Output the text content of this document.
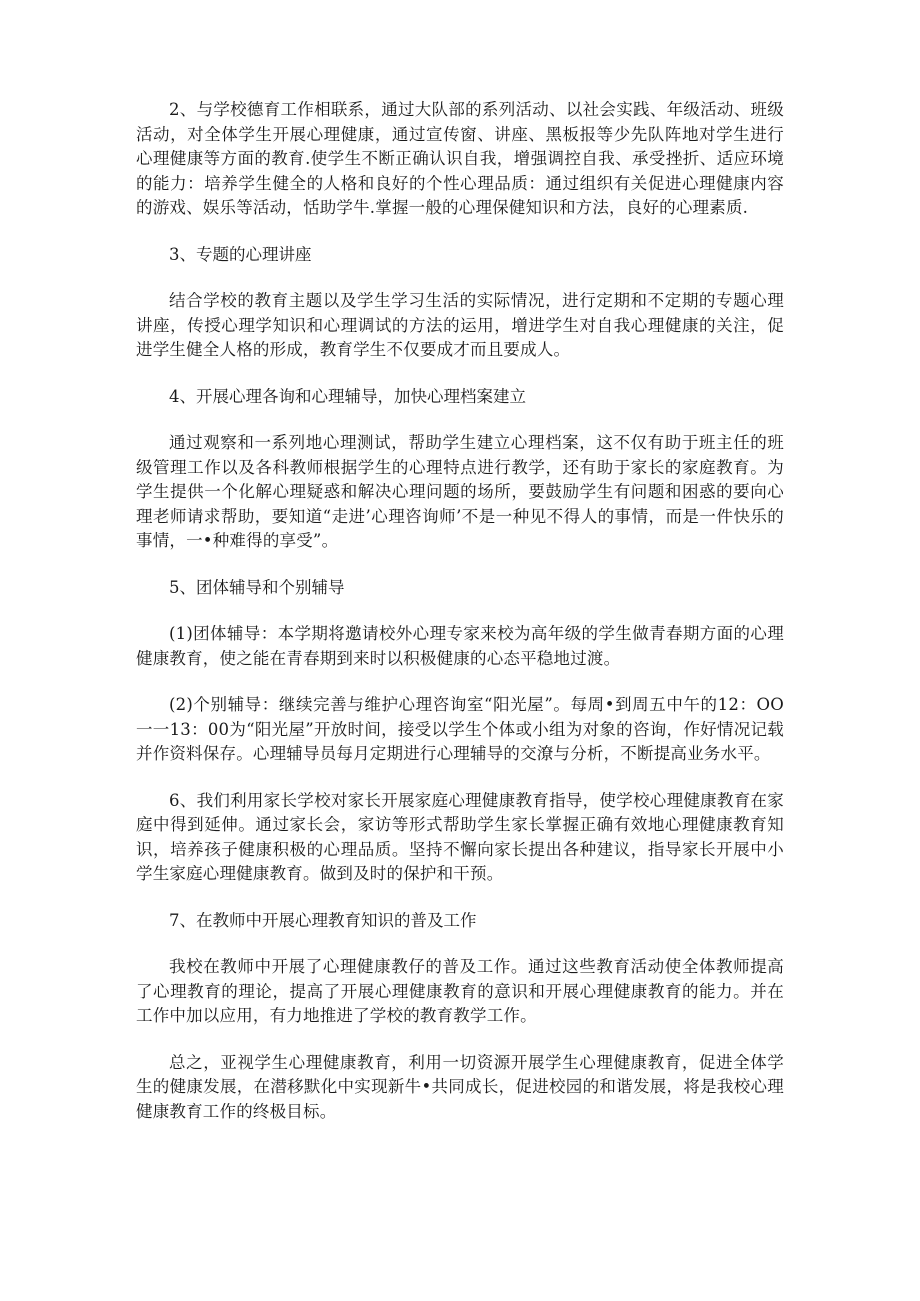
2、与学校德育工作相联系，通过大队部的系列活动、以社会实践、年级活动、班级活动，对全体学生开展心理健康，通过宣传窗、讲座、黑板报等少先队阵地对学生进行心理健康等方面的教育.使学生不断正确认识自我，增强调控自我、承受挫折、适应环境的能力：培养学生健全的人格和良好的个性心理品质：通过组织有关促进心理健康内容的游戏、娱乐等活动，恬助学牛.掌握一般的心理保健知识和方法，良好的心理素质.

3、专题的心理讲座

结合学校的教育主题以及学生学习生活的实际情况，进行定期和不定期的专题心理讲座，传授心理学知识和心理调试的方法的运用，增进学生对自我心理健康的关注，促进学生健全人格的形成，教育学生不仅要成才而且要成人。

4、开展心理各询和心理辅导，加快心理档案建立

通过观察和一系列地心理测试，帮助学生建立心理档案，这不仅有助于班主任的班级管理工作以及各科教师根据学生的心理特点进行教学，还有助于家长的家庭教育。为学生提供一个化解心理疑惑和解决心理问题的场所，要鼓励学生有问题和困惑的要向心理老师请求帮助，要知道“走进’心理咨询师’不是一种见不得人的事情，而是一件快乐的事情，一•种难得的享受”。

5、团体辅导和个别辅导

(1)团体辅导：本学期将邀请校外心理专家来校为高年级的学生做青春期方面的心理健康教育，使之能在青春期到来时以积极健康的心态平稳地过渡。

(2)个别辅导：继续完善与维护心理咨询室“阳光屋”。每周•到周五中午的12：OO一一13：00为“阳光屋”开放时间，接受以学生个体或小组为对象的咨询，作好情况记载并作资料保存。心理辅导员每月定期进行心理辅导的交潦与分析，不断提高业务水平。

6、我们利用家长学校对家长开展家庭心理健康教育指导，使学校心理健康教育在家庭中得到延伸。通过家长会，家访等形式帮助学生家长掌握正确有效地心理健康教育知识，培养孩子健康积极的心理品质。坚持不懈向家长提出各种建议，指导家长开展中小学生家庭心理健康教育。做到及时的保护和干预。

7、在教师中开展心理教育知识的普及工作

我校在教师中开展了心理健康教仔的普及工作。通过这些教育活动使全体教师提高了心理教育的理论，提高了开展心理健康教育的意识和开展心理健康教育的能力。并在工作中加以应用，有力地推进了学校的教育教学工作。

总之，亚视学生心理健康教育，利用一切资源开展学生心理健康教育，促进全体学生的健康发展，在潜移默化中实现新牛•共同成长，促进校园的和谐发展，将是我校心理健康教育工作的终极目标。
